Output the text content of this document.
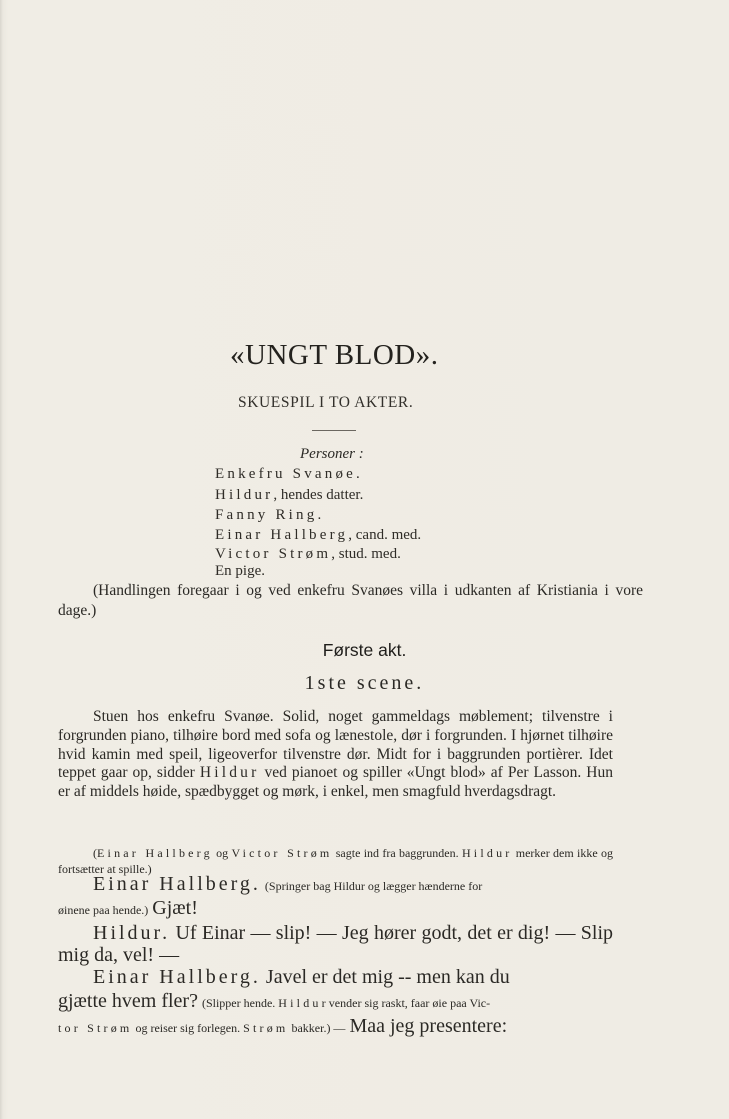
«UNGT BLOD».
SKUESPIL I TO AKTER.
Personer :
Enkefru Svanøe.
Hildur, hendes datter.
Fanny Ring.
Einar Hallberg, cand. med.
Victor Strøm, stud. med.
En pige.
(Handlingen foregaar i og ved enkefru Svanøes villa i udkanten af Kristiania i vore dage.)
Første akt.
1ste scene.
Stuen hos enkefru Svanøe. Solid, noget gammeldags møblement; tilvenstre i forgrunden piano, tilhøire bord med sofa og lænestole, dør i forgrunden. I hjørnet tilhøire hvid kamin med speil, ligeoverfor tilvenstre dør. Midt for i baggrunden portièrer. Idet teppet gaar op, sidder Hildur ved pianoet og spiller «Ungt blod» af Per Lasson. Hun er af middels høide, spædbygget og mørk, i enkel, men smagfuld hverdagsdragt.
(Einar Hallberg og Victor Strøm sagte ind fra baggrunden. Hildur merker dem ikke og fortsætter at spille.)
Einar Hallberg. (Springer bag Hildur og lægger hænderne for
øinene paa hende.) Gjæt!
Hildur. Uf Einar — slip! — Jeg hører godt, det er dig! — Slip mig da, vel! —
Einar Hallberg. Javel er det mig -- men kan du
gjætte hvem fler? (Slipper hende. Hildurvender sig raskt, faar øie paa Vic-
tor Strøm og reiser sig forlegen. Strøm bakker.) — Maa jeg presentere:
